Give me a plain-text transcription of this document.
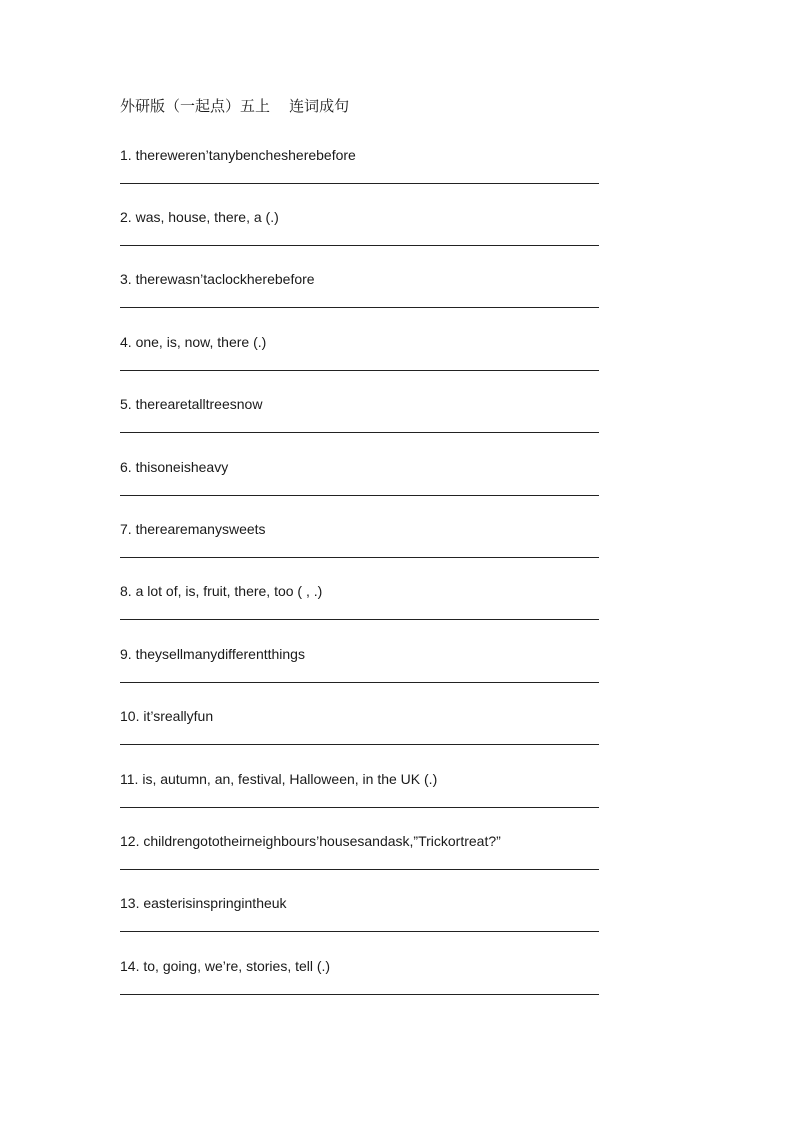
外研版（一起点）五上    连词成句
1. thereweren’tanybenchesherebefore
2. was, house, there, a (.)
3. therewasn’taclockherebefore
4. one, is, now, there (.)
5. therearetalltreesnow
6. thisoneisheavy
7. therearemanysweets
8. a lot of, is, fruit, there, too ( , .)
9. theysellmanydifferentthings
10. it’sreallyfun
11. is, autumn, an, festival, Halloween, in the UK (.)
12. childrengototheirneighbours’housesandask,”Trickortreat?”
13. easterisinspringintheuk
14. to, going, we’re, stories, tell (.)
